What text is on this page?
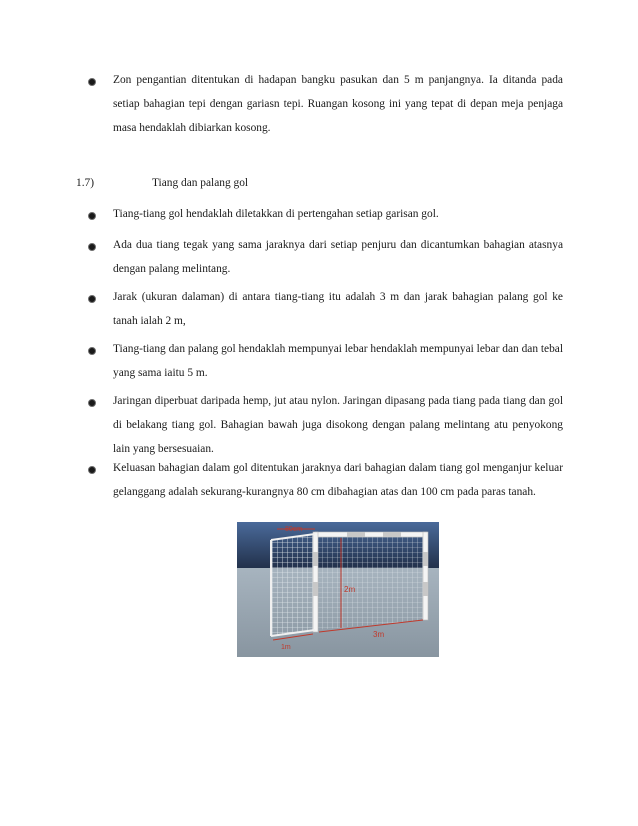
Zon pengantian ditentukan di hadapan bangku pasukan dan 5 m panjangnya. Ia ditanda pada setiap bahagian tepi dengan gariasn tepi. Ruangan kosong ini yang tepat di depan meja penjaga masa hendaklah dibiarkan kosong.
1.7)	Tiang dan palang gol
Tiang-tiang gol hendaklah diletakkan di pertengahan setiap garisan gol.
Ada dua tiang tegak yang sama jaraknya dari setiap penjuru dan dicantumkan bahagian atasnya dengan palang melintang.
Jarak (ukuran dalaman) di antara tiang-tiang itu adalah 3 m dan jarak bahagian palang gol ke tanah ialah 2 m,
Tiang-tiang dan palang gol hendaklah mempunyai lebar hendaklah mempunyai lebar dan dan tebal yang sama iaitu 5 m.
Jaringan diperbuat daripada hemp, jut atau nylon. Jaringan dipasang pada tiang pada tiang dan gol di belakang tiang gol. Bahagian bawah juga disokong dengan palang melintang atu penyokong lain yang bersesuaian.
Keluasan bahagian dalam gol ditentukan jaraknya dari bahagian dalam tiang gol menganjur keluar gelanggang adalah sekurang-kurangnya 80 cm dibahagian atas dan 100 cm pada paras tanah.
80cm
2m
3m
1m
